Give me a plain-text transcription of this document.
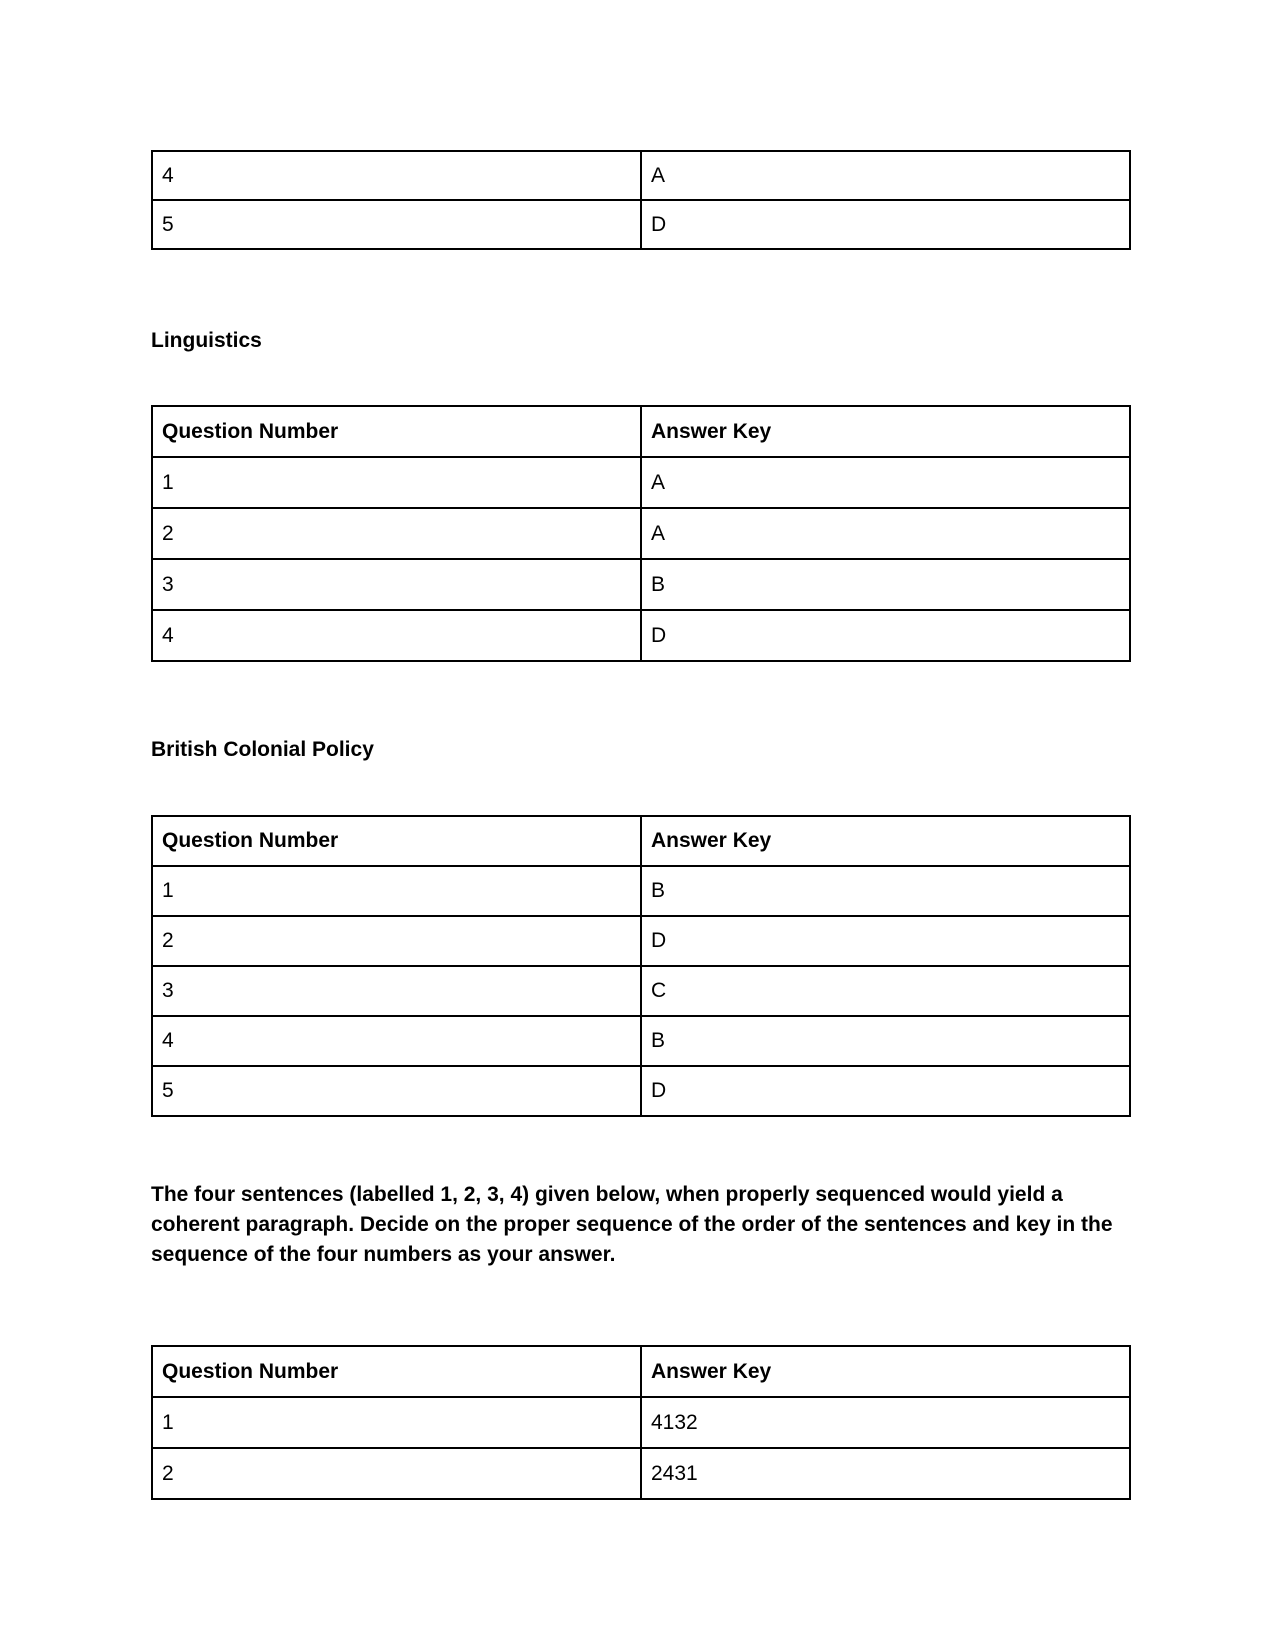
4	A
5	D
Linguistics
Question Number	Answer Key
1	A
2	A
3	B
4	D
British Colonial Policy
Question Number	Answer Key
1	B
2	D
3	C
4	B
5	D

The four sentences (labelled 1, 2, 3, 4) given below, when properly sequenced would yield a coherent paragraph. Decide on the proper sequence of the order of the sentences and key in the sequence of the four numbers as your answer.

Question Number	Answer Key
1	4132
2	2431
